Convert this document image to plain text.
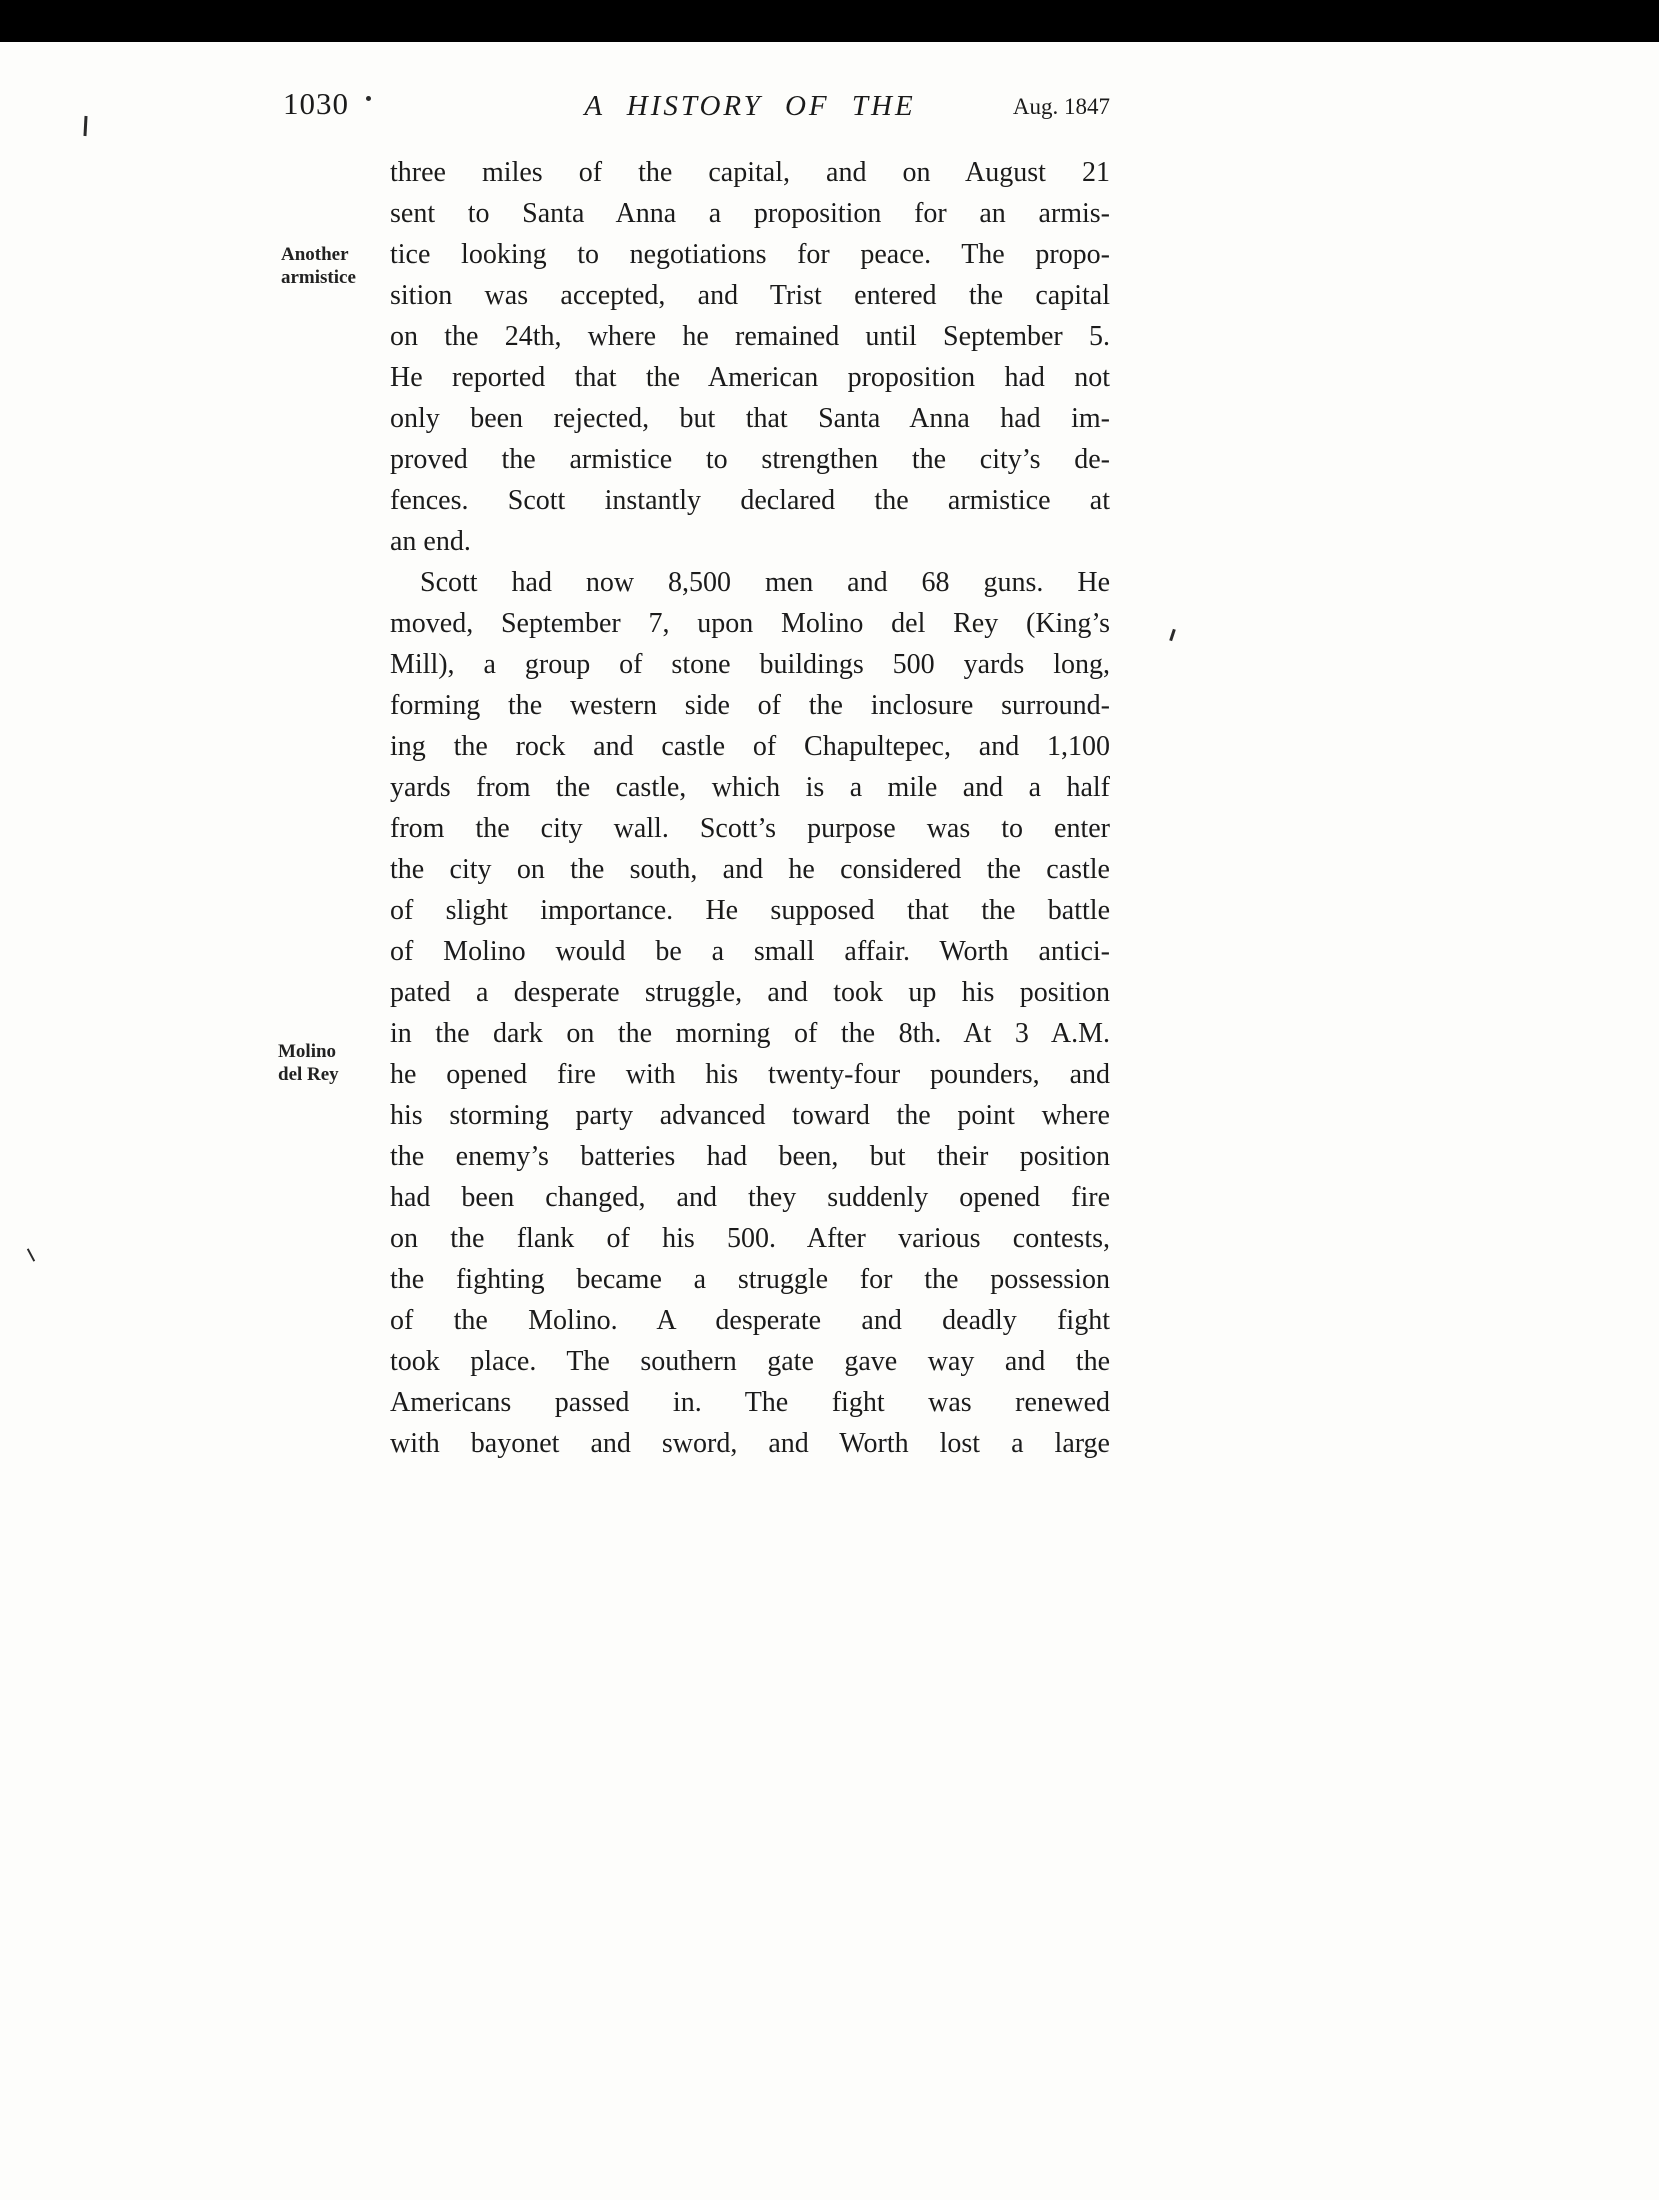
1030	A HISTORY OF THE	Aug. 1847
Another
armistice
Molino
del Rey
three miles of the capital, and on August 21
sent to Santa Anna a proposition for an armis-
tice looking to negotiations for peace. The propo-
sition was accepted, and Trist entered the capital
on the 24th, where he remained until September 5.
He reported that the American proposition had not
only been rejected, but that Santa Anna had im-
proved the armistice to strengthen the city’s de-
fences. Scott instantly declared the armistice at
an end.
Scott had now 8,500 men and 68 guns. He
moved, September 7, upon Molino del Rey (King’s
Mill), a group of stone buildings 500 yards long,
forming the western side of the inclosure surround-
ing the rock and castle of Chapultepec, and 1,100
yards from the castle, which is a mile and a half
from the city wall. Scott’s purpose was to enter
the city on the south, and he considered the castle
of slight importance. He supposed that the battle
of Molino would be a small affair. Worth antici-
pated a desperate struggle, and took up his position
in the dark on the morning of the 8th. At 3 A.M.
he opened fire with his twenty-four pounders, and
his storming party advanced toward the point where
the enemy’s batteries had been, but their position
had been changed, and they suddenly opened fire
on the flank of his 500. After various contests,
the fighting became a struggle for the possession
of the Molino. A desperate and deadly fight
took place. The southern gate gave way and the
Americans passed in. The fight was renewed
with bayonet and sword, and Worth lost a large
